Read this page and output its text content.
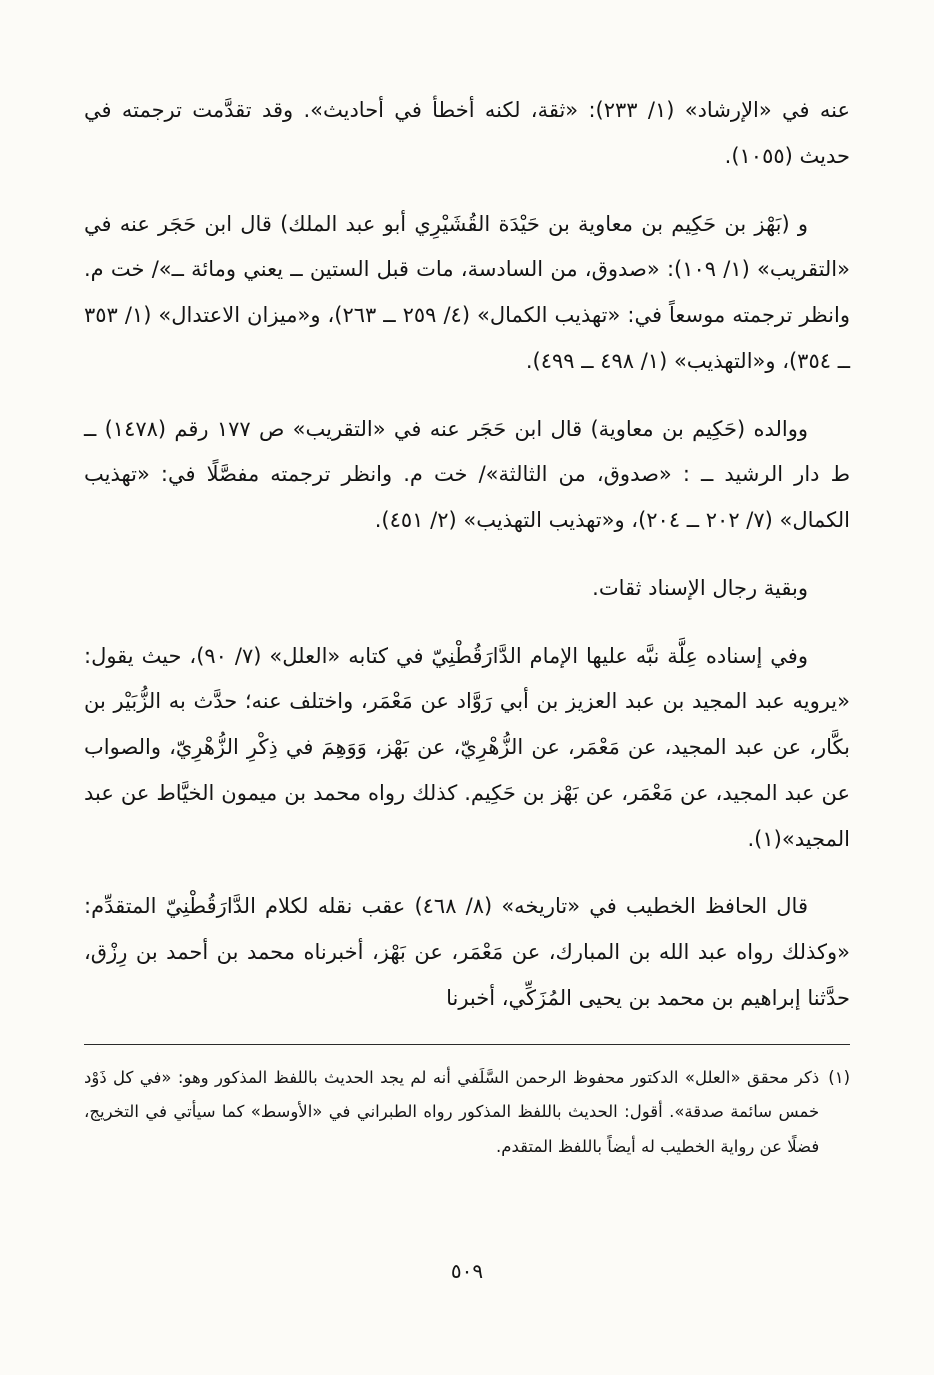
عنه في «الإرشاد» (١/ ٢٣٣): «ثقة، لكنه أخطأ في أحاديث». وقد تقدَّمت ترجمته في حديث (١٠٥٥).

و (بَهْز بن حَكِيم بن معاوية بن حَيْدَة القُشَيْرِي أبو عبد الملك) قال ابن حَجَر عنه في «التقريب» (١/ ١٠٩): «صدوق، من السادسة، مات قبل الستين ــ يعني ومائة ــ»/ خت م. وانظر ترجمته موسعاً في: «تهذيب الكمال» (٤/ ٢٥٩ ــ ٢٦٣)، و«ميزان الاعتدال» (١/ ٣٥٣ ــ ٣٥٤)، و«التهذيب» (١/ ٤٩٨ ــ ٤٩٩).

ووالده (حَكِيم بن معاوية) قال ابن حَجَر عنه في «التقريب» ص ١٧٧ رقم (١٤٧٨) ــ ط دار الرشيد ــ : «صدوق، من الثالثة»/ خت م. وانظر ترجمته مفصَّلًا في: «تهذيب الكمال» (٧/ ٢٠٢ ــ ٢٠٤)، و«تهذيب التهذيب» (٢/ ٤٥١).

وبقية رجال الإسناد ثقات.

وفي إسناده عِلَّة نبَّه عليها الإمام الدَّارَقُطْنِيّ في كتابه «العلل» (٧/ ٩٠)، حيث يقول: «يرويه عبد المجيد بن عبد العزيز بن أبي رَوَّاد عن مَعْمَر، واختلف عنه؛ حدَّث به الزُّبَيْر بن بكَّار، عن عبد المجيد، عن مَعْمَر، عن الزُّهْرِيّ، عن بَهْز، وَوَهِمَ في ذِكْرِ الزُّهْرِيّ، والصواب عن عبد المجيد، عن مَعْمَر، عن بَهْز بن حَكِيم. كذلك رواه محمد بن ميمون الخيَّاط عن عبد المجيد»(١).

قال الحافظ الخطيب في «تاريخه» (٨/ ٤٦٨) عقب نقله لكلام الدَّارَقُطْنِيّ المتقدِّم: «وكذلك رواه عبد الله بن المبارك، عن مَعْمَر، عن بَهْز، أخبرناه محمد بن أحمد بن رِزْق، حدَّثنا إبراهيم بن محمد بن يحيى المُزَكِّي، أخبرنا

(١)
ذكر محقق «العلل» الدكتور محفوظ الرحمن السَّلَفي أنه لم يجد الحديث باللفظ المذكور وهو: «في كل ذَوْد خمس سائمة صدقة». أقول: الحديث باللفظ المذكور رواه الطبراني في «الأوسط» كما سيأتي في التخريج، فضلًا عن رواية الخطيب له أيضاً باللفظ المتقدم.
٥٠٩
